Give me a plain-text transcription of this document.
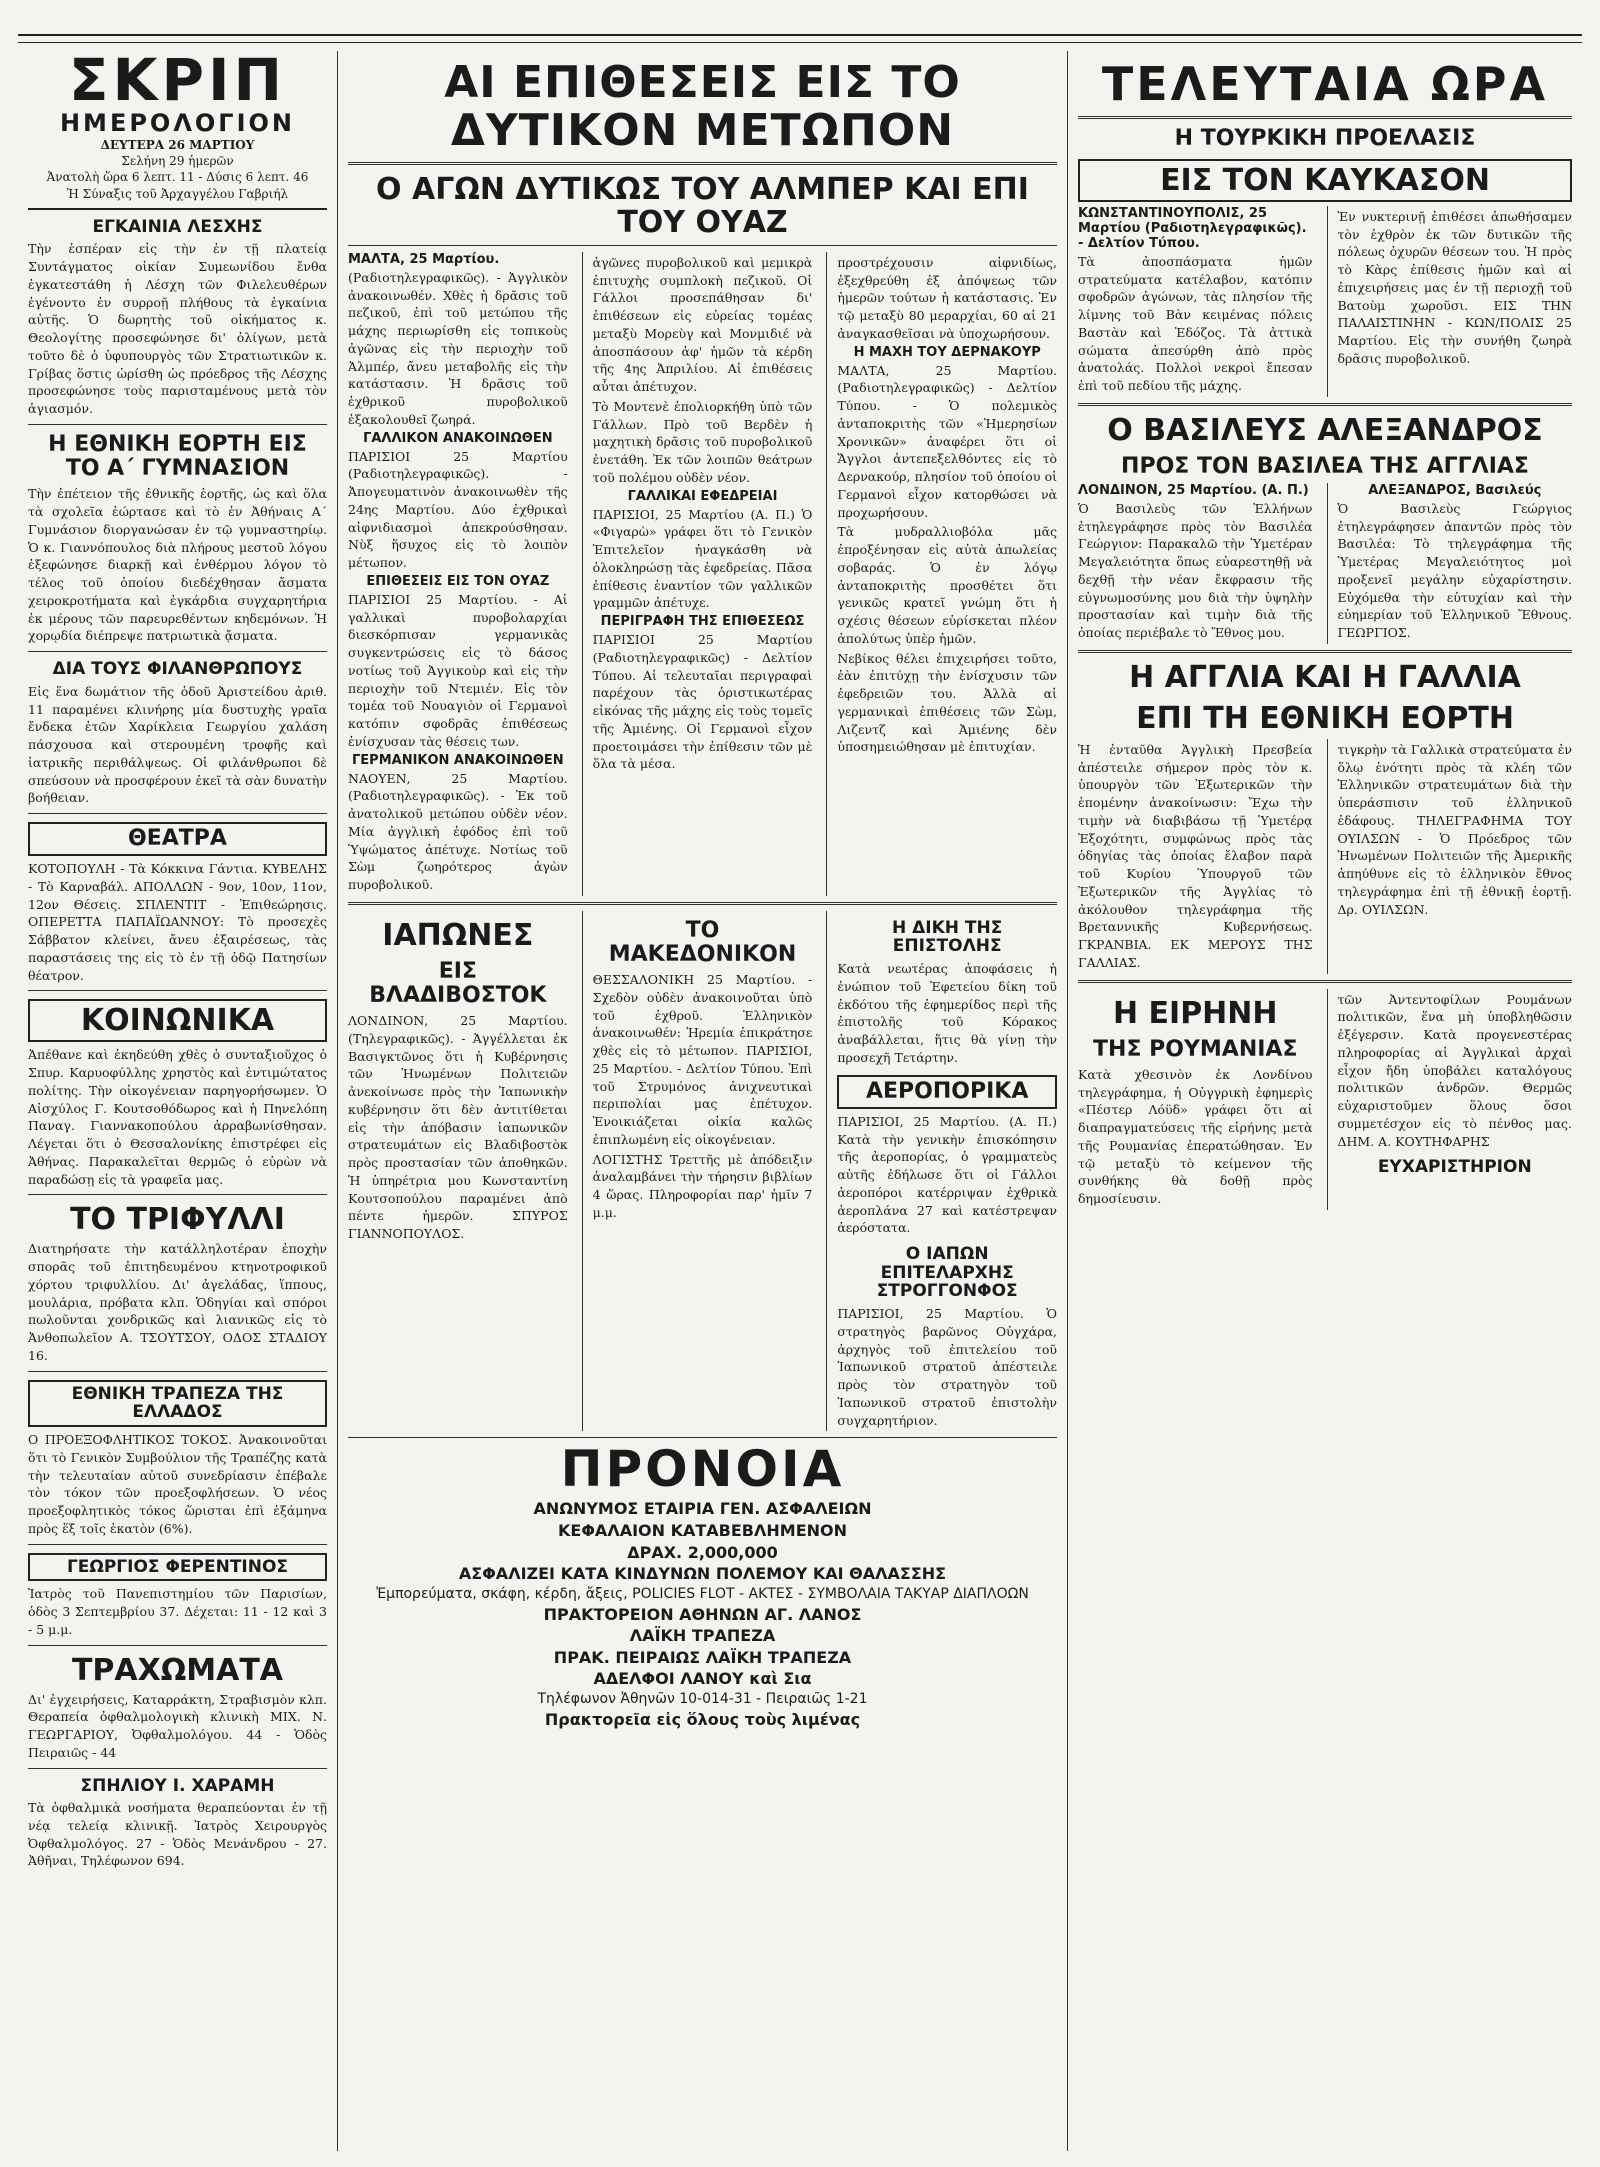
ΣΚΡΙΠ
ΗΜΕΡΟΛΟΓΙΟΝ
ΔΕΥΤΕΡΑ 26 ΜΑΡΤΙΟΥ
Σελήνη 29 ἡμερῶν
Ἀνατολὴ ὥρα 6 λεπτ. 11 - Δύσις 6 λεπτ. 46
Ἡ Σύναξις τοῦ Ἀρχαγγέλου Γαβριήλ
ΕΓΚΑΙΝΙΑ ΛΕΣΧΗΣ
Τὴν ἑσπέραν εἰς τὴν ἐν τῇ πλατείᾳ Συντάγματος οἰκίαν Συμεωνίδου ἔνθα ἐγκατεστάθη ἡ Λέσχη τῶν Φιλελευθέρων ἐγένοντο ἐν συρροῇ πλήθους τὰ ἐγκαίνια αὐτῆς. Ὁ δωρητὴς τοῦ οἰκήματος κ. Θεολογίτης προσεφώνησε δι' ὀλίγων, μετὰ τοῦτο δὲ ὁ ὑφυπουργὸς τῶν Στρατιωτικῶν κ. Γρίβας ὅστις ὡρίσθη ὡς πρόεδρος τῆς Λέσχης προσεφώνησε τοὺς παρισταμένους μετὰ τὸν ἁγιασμόν.
Η ΕΘΝΙΚΗ ΕΟΡΤΗ ΕΙΣ ΤΟ Α΄ ΓΥΜΝΑΣΙΟΝ
Τὴν ἐπέτειον τῆς ἐθνικῆς ἑορτῆς, ὡς καὶ ὅλα τὰ σχολεῖα ἑώρτασε καὶ τὸ ἐν Ἀθήναις Α΄ Γυμνάσιον διοργανώσαν ἐν τῷ γυμναστηρίῳ. Ὁ κ. Γιαννόπουλος διὰ πλήρους μεστοῦ λόγου ἐξεφώνησε διαρκῇ καὶ ἐνθέρμου λόγον τὸ τέλος τοῦ ὁποίου διεδέχθησαν ἄσματα χειροκροτήματα καὶ ἐγκάρδια συγχαρητήρια ἐκ μέρους τῶν παρευρεθέντων κηδεμόνων. Ἡ χορῳδία διέπρεψε πατριωτικὰ ᾄσματα.
ΔΙΑ ΤΟΥΣ ΦΙΛΑΝΘΡΩΠΟΥΣ
Εἰς ἕνα δωμάτιον τῆς ὁδοῦ Ἀριστείδου ἀριθ. 11 παραμένει κλινήρης μία δυστυχὴς γραῖα ἔνδεκα ἐτῶν Χαρίκλεια Γεωργίου χαλάση πάσχουσα καὶ στερουμένη τροφῆς καὶ ἰατρικῆς περιθάλψεως. Οἱ φιλάνθρωποι δὲ σπεύσουν νὰ προσφέρουν ἐκεῖ τὰ σὰν δυνατὴν βοήθειαν.
ΘΕΑΤΡΑ
ΚΟΤΟΠΟΥΛΗ - Τὰ Κόκκινα Γάντια. ΚΥΒΕΛΗΣ - Τὸ Καρναβάλ. ΑΠΟΛΛΩΝ - 9ον, 10ον, 11ον, 12ον Θέσεις. ΣΠΛΕΝΤΙΤ - Ἐπιθεώρησις. ΟΠΕΡΕΤΤΑ ΠΑΠΑΪΩΑΝΝΟΥ: Τὸ προσεχὲς Σάββατον κλείνει, ἄνευ ἐξαιρέσεως, τὰς παραστάσεις της εἰς τὸ ἐν τῇ ὁδῷ Πατησίων θέατρον.
ΚΟΙΝΩΝΙΚΑ
Ἀπέθανε καὶ ἐκηδεύθη χθὲς ὁ συνταξιοῦχος ὁ Σπυρ. Καρυοφύλλης χρηστὸς καὶ ἐντιμώτατος πολίτης. Τὴν οἰκογένειαν παρηγορήσωμεν. Ὁ Αἰσχύλος Γ. Κουτσοθόδωρος καὶ ἡ Πηνελόπη Παναγ. Γιαννακοπούλου ἀρραβωνίσθησαν. Λέγεται ὅτι ὁ Θεσσαλονίκης ἐπιστρέφει εἰς Ἀθήνας. Παρακαλεῖται θερμῶς ὁ εὑρὼν νὰ παραδώσῃ εἰς τὰ γραφεῖα μας.
ΤΟ ΤΡΙΦΥΛΛΙ
Διατηρήσατε τὴν κατάλληλοτέραν ἐποχὴν σπορᾶς τοῦ ἐπιτηδευμένου κτηνοτροφικοῦ χόρτου τριφυλλίου. Δι' ἀγελάδας, ἵππους, μουλάρια, πρόβατα κλπ. Ὁδηγίαι καὶ σπόροι πωλοῦνται χονδρικῶς καὶ λιανικῶς εἰς τὸ Ἀνθοπωλεῖον Α. ΤΣΟΥΤΣΟΥ, ΟΔΟΣ ΣΤΑΔΙΟΥ 16.
ΕΘΝΙΚΗ ΤΡΑΠΕΖΑ ΤΗΣ ΕΛΛΑΔΟΣ
Ο ΠΡΟΕΞΟΦΛΗΤΙΚΟΣ ΤΟΚΟΣ. Ἀνακοινοῦται ὅτι τὸ Γενικὸν Συμβούλιον τῆς Τραπέζης κατὰ τὴν τελευταίαν αὐτοῦ συνεδρίασιν ἐπέβαλε τὸν τόκον τῶν προεξοφλήσεων. Ὁ νέος προεξοφλητικὸς τόκος ὥρισται ἐπὶ ἑξάμηνα πρὸς ἕξ τοῖς ἑκατὸν (6%).
ΓΕΩΡΓΙΟΣ ΦΕΡΕΝΤΙΝΟΣ
Ἰατρὸς τοῦ Πανεπιστημίου τῶν Παρισίων, ὁδὸς 3 Σεπτεμβρίου 37. Δέχεται: 11 - 12 καὶ 3 - 5 μ.μ.
ΤΡΑΧΩΜΑΤΑ
Δι' ἐγχειρήσεις, Καταρράκτη, Στραβισμὸν κλπ. Θεραπεία ὀφθαλμολογικὴ κλινικὴ ΜΙΧ. Ν. ΓΕΩΡΓΑΡΙΟΥ, Ὀφθαλμολόγου. 44 - Ὁδὸς Πειραιῶς - 44
ΣΠΗΛΙΟΥ Ι. ΧΑΡΑΜΗ
Τὰ ὀφθαλμικὰ νοσήματα θεραπεύονται ἐν τῇ νέᾳ τελείᾳ κλινικῇ. Ἰατρὸς Χειρουργὸς Ὀφθαλμολόγος. 27 - Ὁδὸς Μενάνδρου - 27. Ἀθῆναι, Τηλέφωνον 694.
ΑΙ ΕΠΙΘΕΣΕΙΣ ΕΙΣ ΤΟ ΔΥΤΙΚΟΝ ΜΕΤΩΠΟΝ
Ο ΑΓΩΝ ΔΥΤΙΚΩΣ ΤΟΥ ΑΛΜΠΕΡ ΚΑΙ ΕΠΙ ΤΟΥ ΟΥΑΖ
ΜΑΛΤΑ, 25 Μαρτίου.
(Ραδιοτηλεγραφικῶς). - Ἀγγλικὸν ἀνακοινωθέν. Χθὲς ἡ δρᾶσις τοῦ πεζικοῦ, ἐπὶ τοῦ μετώπου τῆς μάχης περιωρίσθη εἰς τοπικοὺς ἀγῶνας εἰς τὴν περιοχὴν τοῦ Ἀλμπέρ, ἄνευ μεταβολῆς εἰς τὴν κατάστασιν. Ἡ δρᾶσις τοῦ ἐχθρικοῦ πυροβολικοῦ ἐξακολουθεῖ ζωηρά.
ΓΑΛΛΙΚΟΝ ΑΝΑΚΟΙΝΩΘΕΝ
ΠΑΡΙΣΙΟΙ 25 Μαρτίου (Ραδιοτηλεγραφικῶς). - Ἀπογευματινὸν ἀνακοινωθὲν τῆς 24ης Μαρτίου. Δύο ἐχθρικαὶ αἰφνιδιασμοὶ ἀπεκρούσθησαν. Νὺξ ἥσυχος εἰς τὸ λοιπὸν μέτωπον.
ΕΠΙΘΕΣΕΙΣ ΕΙΣ ΤΟΝ ΟΥΑΖ
ΠΑΡΙΣΙΟΙ 25 Μαρτίου. - Αἱ γαλλικαὶ πυροβολαρχίαι διεσκόρπισαν γερμανικὰς συγκεντρώσεις εἰς τὸ δάσος νοτίως τοῦ Ἀγγικοὺρ καὶ εἰς τὴν περιοχὴν τοῦ Ντεμιέν. Εἰς τὸν τομέα τοῦ Νουαγιὸν οἱ Γερμανοὶ κατόπιν σφοδρᾶς ἐπιθέσεως ἐνίσχυσαν τὰς θέσεις των.
ΓΕΡΜΑΝΙΚΟΝ ΑΝΑΚΟΙΝΩΘΕΝ
ΝΑΟΥΕΝ, 25 Μαρτίου. (Ραδιοτηλεγραφικῶς). - Ἐκ τοῦ ἀνατολικοῦ μετώπου οὐδὲν νέον. Μία ἀγγλικὴ ἐφόδος ἐπὶ τοῦ Ὑψώματος ἀπέτυχε. Νοτίως τοῦ Σὼμ ζωηρότερος ἀγὼν πυροβολικοῦ.
ἀγῶνες πυροβολικοῦ καὶ μεμικρὰ ἐπιτυχὴς συμπλοκὴ πεζικοῦ. Οἱ Γάλλοι προσεπάθησαν δι' ἐπιθέσεων εἰς εὐρείας τομέας μεταξὺ Μορεὺγ καὶ Μονμιδιέ νὰ ἀποσπάσουν ἀφ' ἡμῶν τὰ κέρδη τῆς 4ης Ἀπριλίου. Αἱ ἐπιθέσεις αὗται ἀπέτυχον.
Τὸ Μοντενὲ ἐπολιορκήθη ὑπὸ τῶν Γάλλων. Πρὸ τοῦ Βερδὲν ἡ μαχητικὴ δρᾶσις τοῦ πυροβολικοῦ ἐνετάθη. Ἐκ τῶν λοιπῶν θεάτρων τοῦ πολέμου οὐδὲν νέον.
ΓΑΛΛΙΚΑΙ ΕΦΕΔΡΕΙΑΙ
ΠΑΡΙΣΙΟΙ, 25 Μαρτίου (Α. Π.) Ὁ «Φιγαρὼ» γράφει ὅτι τὸ Γενικὸν Ἐπιτελεῖον ἠναγκάσθη νὰ ὁλοκληρώσῃ τὰς ἐφεδρείας. Πᾶσα ἐπίθεσις ἐναντίον τῶν γαλλικῶν γραμμῶν ἀπέτυχε.
ΠΕΡΙΓΡΑΦΗ ΤΗΣ ΕΠΙΘΕΣΕΩΣ
ΠΑΡΙΣΙΟΙ 25 Μαρτίου (Ραδιοτηλεγραφικῶς) - Δελτίον Τύπου. Αἱ τελευταῖαι περιγραφαὶ παρέχουν τὰς ὁριστικωτέρας εἰκόνας τῆς μάχης εἰς τοὺς τομεῖς τῆς Ἀμιένης. Οἱ Γερμανοὶ εἶχον προετοιμάσει τὴν ἐπίθεσιν τῶν μὲ ὅλα τὰ μέσα.
προστρέχουσιν αἰφνιδίως, ἐξεχθρεύθη ἐξ ἀπόψεως τῶν ἡμερῶν τούτων ἡ κατάστασις. Ἐν τῷ μεταξὺ 80 μεραρχίαι, 60 αἱ 21 ἀναγκασθεῖσαι νὰ ὑποχωρήσουν.
Η ΜΑΧΗ ΤΟΥ ΔΕΡΝΑΚΟΥΡ
ΜΑΛΤΑ, 25 Μαρτίου. (Ραδιοτηλεγραφικῶς) - Δελτίον Τύπου. - Ὁ πολεμικὸς ἀνταποκριτὴς τῶν «Ἡμερησίων Χρονικῶν» ἀναφέρει ὅτι οἱ Ἄγγλοι ἀντεπεξελθόντες εἰς τὸ Δερνακούρ, πλησίον τοῦ ὁποίου οἱ Γερμανοὶ εἶχον κατορθώσει νὰ προχωρήσουν.
Τὰ μυδραλλιοβόλα μᾶς ἐπροξένησαν εἰς αὐτὰ ἀπωλείας σοβαράς. Ὁ ἐν λόγῳ ἀνταποκριτὴς προσθέτει ὅτι γενικῶς κρατεῖ γνώμη ὅτι ἡ σχέσις θέσεων εὑρίσκεται πλέον ἀπολύτως ὑπὲρ ἡμῶν.
Νεβίκος θέλει ἐπιχειρήσει τοῦτο, ἐὰν ἐπιτύχῃ τὴν ἐνίσχυσιν τῶν ἐφεδρειῶν του. Ἀλλὰ αἱ γερμανικαὶ ἐπιθέσεις τῶν Σὼμ, Λιζεντζ καὶ Ἀμιένης δὲν ὑποσημειώθησαν μὲ ἐπιτυχίαν.
ΙΑΠΩΝΕΣ
ΕΙΣ ΒΛΑΔΙΒΟΣΤΟΚ
ΛΟΝΔΙΝΟΝ, 25 Μαρτίου. (Τηλεγραφικῶς). - Ἀγγέλλεται ἐκ Βασιγκτῶνος ὅτι ἡ Κυβέρνησις τῶν Ἡνωμένων Πολιτειῶν ἀνεκοίνωσε πρὸς τὴν Ἰαπωνικὴν κυβέρνησιν ὅτι δὲν ἀντιτίθεται εἰς τὴν ἀπόβασιν ἰαπωνικῶν στρατευμάτων εἰς Βλαδιβοστὸκ πρὸς προστασίαν τῶν ἀποθηκῶν. Ἡ ὑπηρέτρια μου Κωνσταντίνη Κουτσοπούλου παραμένει ἀπὸ πέντε ἡμερῶν. ΣΠΥΡΟΣ ΓΙΑΝΝΟΠΟΥΛΟΣ.
ΤΟ ΜΑΚΕΔΟΝΙΚΟΝ
ΘΕΣΣΑΛΟΝΙΚΗ 25 Μαρτίου. - Σχεδὸν οὐδὲν ἀνακοινοῦται ὑπὸ τοῦ ἐχθροῦ. Ἑλληνικὸν ἀνακοινωθέν: Ἡρεμία ἐπικράτησε χθὲς εἰς τὸ μέτωπον. ΠΑΡΙΣΙΟΙ, 25 Μαρτίου. - Δελτίον Τύπου. Ἐπὶ τοῦ Στρυμόνος ἀνιχνευτικαὶ περιπολίαι μας ἐπέτυχον. Ἐνοικιάζεται οἰκία καλῶς ἐπιπλωμένη εἰς οἰκογένειαν.
ΛΟΓΙΣΤΗΣ Τρεττῆς μὲ ἀπόδειξιν ἀναλαμβάνει τὴν τήρησιν βιβλίων 4 ὥρας. Πληροφορίαι παρ' ἡμῖν 7 μ.μ.
Η ΔΙΚΗ ΤΗΣ ΕΠΙΣΤΟΛΗΣ
Κατὰ νεωτέρας ἀποφάσεις ἡ ἐνώπιον τοῦ Ἐφετείου δίκη τοῦ ἐκδότου τῆς ἐφημερίδος περὶ τῆς ἐπιστολῆς τοῦ Κόρακος ἀναβάλλεται, ἥτις θὰ γίνῃ τὴν προσεχῆ Τετάρτην.
ΑΕΡΟΠΟΡΙΚΑ
ΠΑΡΙΣΙΟΙ, 25 Μαρτίου. (Α. Π.) Κατὰ τὴν γενικὴν ἐπισκόπησιν τῆς ἀεροπορίας, ὁ γραμματεὺς αὐτῆς ἐδήλωσε ὅτι οἱ Γάλλοι ἀεροπόροι κατέρριψαν ἐχθρικὰ ἀεροπλάνα 27 καὶ κατέστρεψαν ἀερόστατα.
Ο ΙΑΠΩΝ ΕΠΙΤΕΛΑΡΧΗΣ ΣΤΡΟΓΓΟΝΦΟΣ
ΠΑΡΙΣΙΟΙ, 25 Μαρτίου. Ὁ στρατηγὸς βαρῶνος Οὐγχάρα, ἀρχηγὸς τοῦ ἐπιτελείου τοῦ Ἰαπωνικοῦ στρατοῦ ἀπέστειλε πρὸς τὸν στρατηγὸν τοῦ Ἰαπωνικοῦ στρατοῦ ἐπιστολὴν συγχαρητήριον.
ΠΡΟΝΟΙΑ
ΑΝΩΝΥΜΟΣ ΕΤΑΙΡΙΑ ΓΕΝ. ΑΣΦΑΛΕΙΩΝ
ΚΕΦΑΛΑΙΟΝ ΚΑΤΑΒΕΒΛΗΜΕΝΟΝ
ΔΡΑΧ. 2,000,000
ΑΣΦΑΛΙΖΕΙ ΚΑΤΑ ΚΙΝΔΥΝΩΝ ΠΟΛΕΜΟΥ ΚΑΙ ΘΑΛΑΣΣΗΣ
Ἐμπορεύματα, σκάφη, κέρδη, ἄξεις, POLICIES FLOT - ΑΚΤΕΣ - ΣΥΜΒΟΛΑΙΑ ΤΑΚΥΑΡ ΔΙΑΠΛΟΩΝ
ΠΡΑΚΤΟΡΕΙΟΝ ΑΘΗΝΩΝ ΑΓ. ΛΑΝΟΣ
ΛΑΪΚΗ ΤΡΑΠΕΖΑ
ΠΡΑΚ. ΠΕΙΡΑΙΩΣ ΛΑΪΚΗ ΤΡΑΠΕΖΑ
ΑΔΕΛΦΟΙ ΛΑΝΟΥ καὶ Σια
Τηλέφωνον Ἀθηνῶν 10-014-31 - Πειραιῶς 1-21
Πρακτορεῖα εἰς ὅλους τοὺς λιμένας
ΤΕΛΕΥΤΑΙΑ ΩΡΑ
Η ΤΟΥΡΚΙΚΗ ΠΡΟΕΛΑΣΙΣ
ΕΙΣ ΤΟΝ ΚΑΥΚΑΣΟΝ
ΚΩΝΣΤΑΝΤΙΝΟΥΠΟΛΙΣ, 25 Μαρτίου (Ραδιοτηλεγραφικῶς). - Δελτίον Τύπου.
Τὰ ἀποσπάσματα ἡμῶν στρατεύματα κατέλαβον, κατόπιν σφοδρῶν ἀγώνων, τὰς πλησίον τῆς λίμνης τοῦ Βὰν κειμένας πόλεις Βαστὰν καὶ Ἐδόζος. Τὰ ἀττικὰ σώματα ἀπεσύρθη ἀπὸ πρὸς ἀνατολάς. Πολλοὶ νεκροὶ ἔπεσαν ἐπὶ τοῦ πεδίου τῆς μάχης.
Ἐν νυκτερινῇ ἐπιθέσει ἀπωθήσαμεν τὸν ἐχθρὸν ἐκ τῶν δυτικῶν τῆς πόλεως ὀχυρῶν θέσεων του. Ἡ πρὸς τὸ Κὰρς ἐπίθεσις ἡμῶν καὶ αἱ ἐπιχειρήσεις μας ἐν τῇ περιοχῇ τοῦ Βατοὺμ χωροῦσι. ΕΙΣ ΤΗΝ ΠΑΛΑΙΣΤΙΝΗΝ - ΚΩΝ/ΠΟΛΙΣ 25 Μαρτίου. Εἰς τὴν συνήθη ζωηρὰ δρᾶσις πυροβολικοῦ.
Ο ΒΑΣΙΛΕΥΣ ΑΛΕΞΑΝΔΡΟΣ
ΠΡΟΣ ΤΟΝ ΒΑΣΙΛΕΑ ΤΗΣ ΑΓΓΛΙΑΣ
ΛΟΝΔΙΝΟΝ, 25 Μαρτίου. (Α. Π.)
Ὁ Βασιλεὺς τῶν Ἑλλήνων ἐτηλεγράφησε πρὸς τὸν Βασιλέα Γεώργιον: Παρακαλῶ τὴν Ὑμετέραν Μεγαλειότητα ὅπως εὐαρεστηθῇ νὰ δεχθῇ τὴν νέαν ἔκφρασιν τῆς εὐγνωμοσύνης μου διὰ τὴν ὑψηλὴν προστασίαν καὶ τιμὴν διὰ τῆς ὁποίας περιέβαλε τὸ Ἔθνος μου.
ΑΛΕΞΑΝΔΡΟΣ, Βασιλεύς
Ὁ Βασιλεὺς Γεώργιος ἐτηλεγράφησεν ἀπαντῶν πρὸς τὸν Βασιλέα: Τὸ τηλεγράφημα τῆς Ὑμετέρας Μεγαλειότητος μοὶ προξενεῖ μεγάλην εὐχαρίστησιν. Εὐχόμεθα τὴν εὐτυχίαν καὶ τὴν εὐημερίαν τοῦ Ἑλληνικοῦ Ἔθνους. ΓΕΩΡΓΙΟΣ.
Η ΑΓΓΛΙΑ ΚΑΙ Η ΓΑΛΛΙΑ
ΕΠΙ ΤΗ ΕΘΝΙΚΗ ΕΟΡΤΗ
Ἡ ἐνταῦθα Ἀγγλικὴ Πρεσβεία ἀπέστειλε σήμερον πρὸς τὸν κ. ὑπουργὸν τῶν Ἐξωτερικῶν τὴν ἑπομένην ἀνακοίνωσιν: Ἔχω τὴν τιμὴν νὰ διαβιβάσω τῇ Ὑμετέρᾳ Ἐξοχότητι, συμφώνως πρὸς τὰς ὁδηγίας τὰς ὁποίας ἔλαβον παρὰ τοῦ Κυρίου Ὑπουργοῦ τῶν Ἐξωτερικῶν τῆς Ἀγγλίας τὸ ἀκόλουθον τηλεγράφημα τῆς Βρεταννικῆς Κυβερνήσεως. ΓΚΡΑΝΒΙΑ. ΕΚ ΜΕΡΟΥΣ ΤΗΣ ΓΑΛΛΙΑΣ.
τιγκρὴν τὰ Γαλλικὰ στρατεύματα ἐν ὅλῳ ἑνότητι πρὸς τὰ κλέη τῶν Ἑλληνικῶν στρατευμάτων διὰ τὴν ὑπεράσπισιν τοῦ ἑλληνικοῦ ἐδάφους. ΤΗΛΕΓΡΑΦΗΜΑ ΤΟΥ ΟΥΙΛΣΩΝ - Ὁ Πρόεδρος τῶν Ἡνωμένων Πολιτειῶν τῆς Ἀμερικῆς ἀπηύθυνε εἰς τὸ ἑλληνικὸν ἔθνος τηλεγράφημα ἐπὶ τῇ ἐθνικῇ ἑορτῇ. Δρ. ΟΥΙΛΣΩΝ.
Η ΕΙΡΗΝΗ
ΤΗΣ ΡΟΥΜΑΝΙΑΣ
Κατὰ χθεσινὸν ἐκ Λονδίνου τηλεγράφημα, ἡ Οὐγγρικὴ ἐφημερὶς «Πέστερ Λόϋδ» γράφει ὅτι αἱ διαπραγματεύσεις τῆς εἰρήνης μετὰ τῆς Ρουμανίας ἐπερατώθησαν. Ἐν τῷ μεταξὺ τὸ κείμενον τῆς συνθήκης θὰ δοθῇ πρὸς δημοσίευσιν.
τῶν Ἀντεντοφίλων Ρουμάνων πολιτικῶν, ἕνα μὴ ὑποβληθῶσιν ἐξέγερσιν. Κατὰ προγενεστέρας πληροφορίας αἱ Ἀγγλικαὶ ἀρχαὶ εἶχον ἤδη ὑποβάλει καταλόγους πολιτικῶν ἀνδρῶν. Θερμῶς εὐχαριστοῦμεν ὅλους ὅσοι συμμετέσχον εἰς τὸ πένθος μας. ΔΗΜ. Α. ΚΟΥΤΗΦΑΡΗΣ
ΕΥΧΑΡΙΣΤΗΡΙΟΝ
